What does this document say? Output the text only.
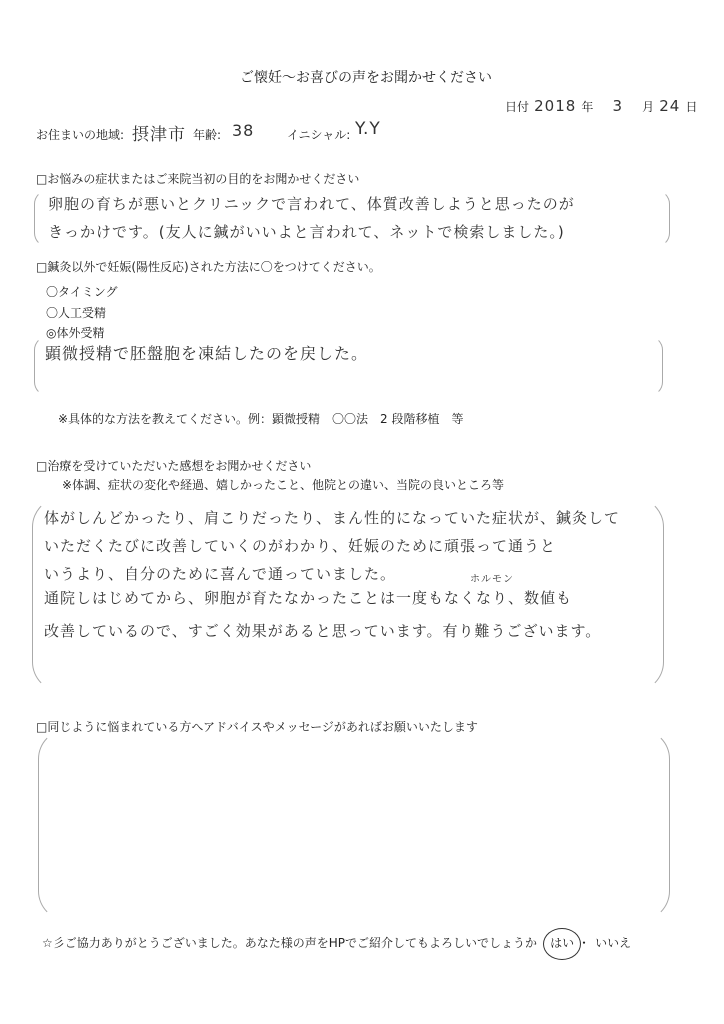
ご懐妊～お喜びの声をお聞かせください
日付 2018 年 3 月 24 日
お住まいの地域: 摂津市 年齢: 38	イニシャル: Y.Y
□お悩みの症状またはご来院当初の目的をお聞かせください
卵胞の育ちが悪いとクリニックで言われて、体質改善しようと思ったのが
きっかけです。(友人に鍼がいいよと言われて、ネットで検索しました。)
□鍼灸以外で妊娠(陽性反応)された方法に〇をつけてください。
〇タイミング
〇人工受精
◎体外受精
顕微授精で胚盤胞を凍結したのを戻した。
※具体的な方法を教えてください。例：顕微授精　〇〇法　2 段階移植　等
□治療を受けていただいた感想をお聞かせください
※体調、症状の変化や経過、嬉しかったこと、他院との違い、当院の良いところ等
体がしんどかったり、肩こりだったり、まん性的になっていた症状が、鍼灸して
いただくたびに改善していくのがわかり、妊娠のために頑張って通うと
いうより、自分のために喜んで通っていました。	ホルモン
通院しはじめてから、卵胞が育たなかったことは一度もなくなり、数値も
改善しているので、すごく効果があると思っています。有り難うございます。
□同じように悩まれている方へアドバイスやメッセージがあればお願いいたします
☆彡ご協力ありがとうございました。あなた様の声をHPでご紹介してもよろしいでしょうか はい ・ いいえ
